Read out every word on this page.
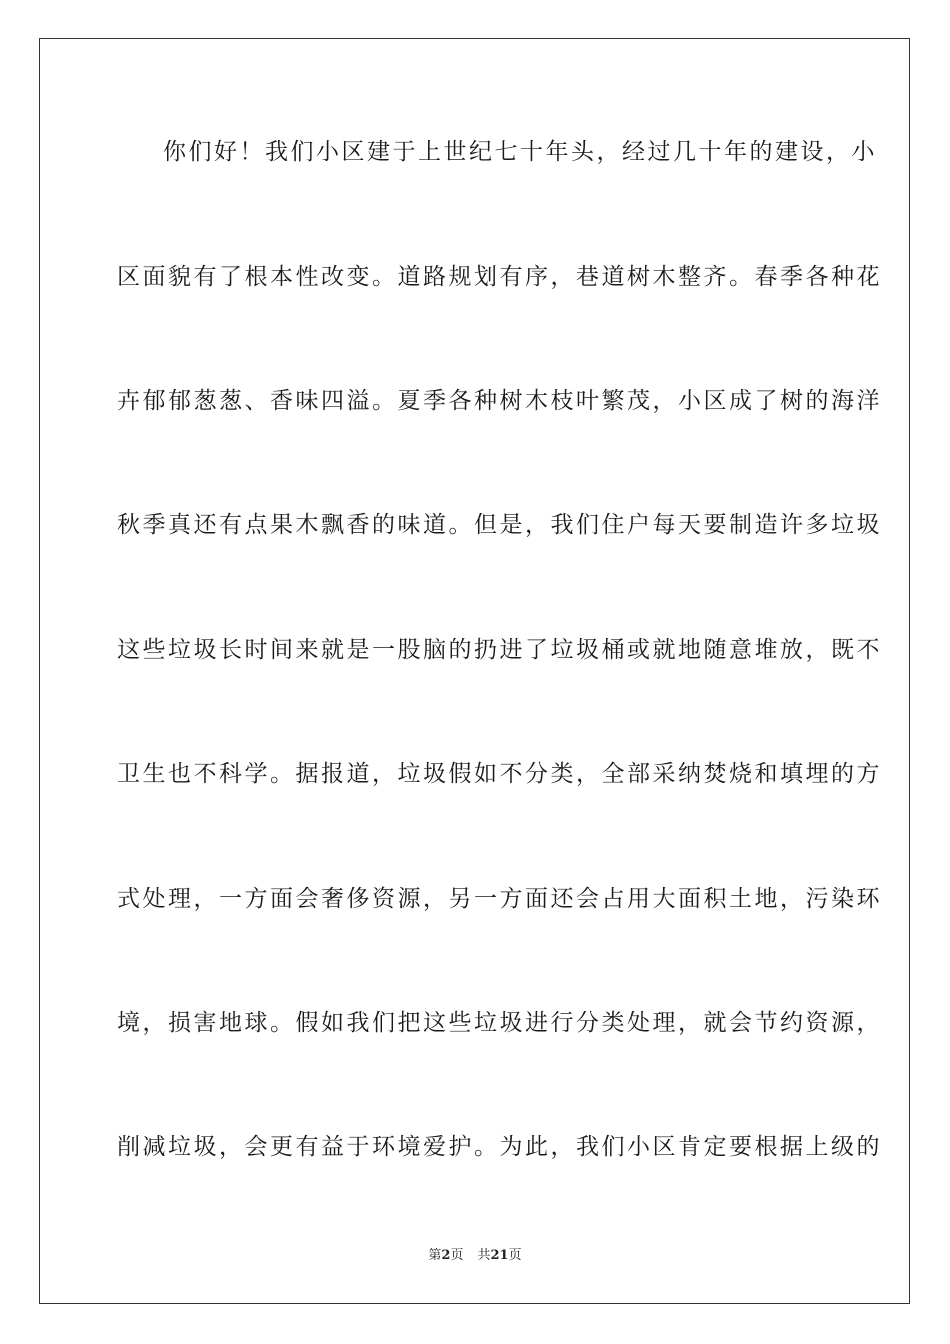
你们好！我们小区建于上世纪七十年头，经过几十年的建设，小
区面貌有了根本性改变。道路规划有序，巷道树木整齐。春季各种花
卉郁郁葱葱、香味四溢。夏季各种树木枝叶繁茂，小区成了树的海洋
秋季真还有点果木飘香的味道。但是，我们住户每天要制造许多垃圾
这些垃圾长时间来就是一股脑的扔进了垃圾桶或就地随意堆放，既不
卫生也不科学。据报道，垃圾假如不分类，全部采纳焚烧和填埋的方
式处理，一方面会奢侈资源，另一方面还会占用大面积土地，污染环
境，损害地球。假如我们把这些垃圾进行分类处理，就会节约资源，
削减垃圾，会更有益于环境爱护。为此，我们小区肯定要根据上级的
第2页 共21页
